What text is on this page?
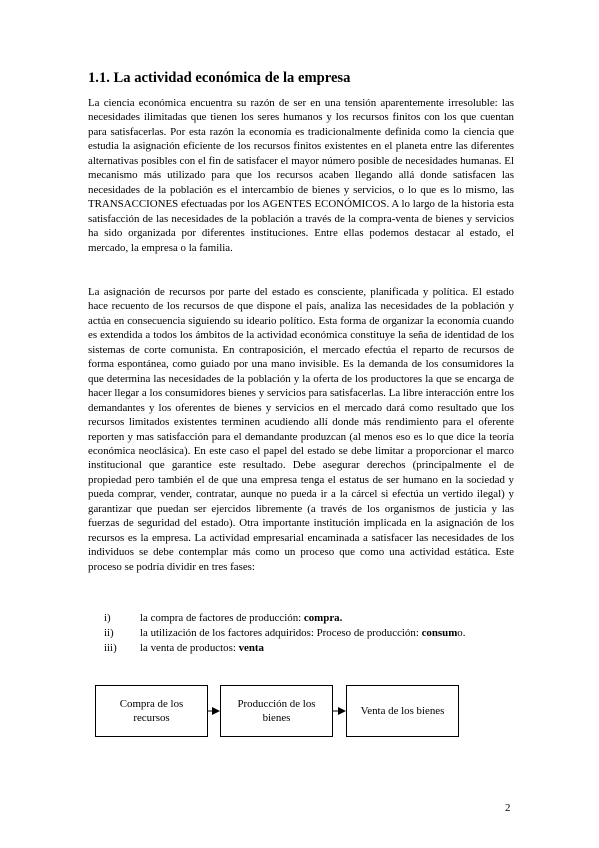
1.1. La actividad económica de la empresa

La ciencia económica encuentra su razón de ser en una tensión aparentemente irresoluble: las necesidades ilimitadas que tienen los seres humanos y los recursos finitos con los que cuentan para satisfacerlas. Por esta razón la economía es tradicionalmente definida como la ciencia que estudia la asignación eficiente de los recursos finitos existentes en el planeta entre las diferentes alternativas posibles con el fin de satisfacer el mayor número posible de necesidades humanas. El mecanismo más utilizado para que los recursos acaben llegando allá donde satisfacen las necesidades de la población es el intercambio de bienes y servicios, o lo que es lo mismo, las TRANSACCIONES efectuadas por los AGENTES ECONÓMICOS. A lo largo de la historia esta satisfacción de las necesidades de la población a través de la compra-venta de bienes y servicios ha sido organizada por diferentes instituciones. Entre ellas podemos destacar al estado, el mercado, la empresa o la familia.

La asignación de recursos por parte del estado es consciente, planificada y política. El estado hace recuento de los recursos de que dispone el país, analiza las necesidades de la población y actúa en consecuencia siguiendo su ideario político. Esta forma de organizar la economía cuando es extendida a todos los ámbitos de la actividad económica constituye la seña de identidad de los sistemas de corte comunista. En contraposición, el mercado efectúa el reparto de recursos de forma espontánea, como guiado por una mano invisible. Es la demanda de los consumidores la que determina las necesidades de la población y la oferta de los productores la que se encarga de hacer llegar a los consumidores bienes y servicios para satisfacerlas. La libre interacción entre los demandantes y los oferentes de bienes y servicios en el mercado dará como resultado que los recursos limitados existentes terminen acudiendo allí donde más rendimiento para el oferente reporten y mas satisfacción para el demandante produzcan (al menos eso es lo que dice la teoría económica neoclásica). En este caso el papel del estado se debe limitar a proporcionar el marco institucional que garantice este resultado. Debe asegurar derechos (principalmente el de propiedad pero también el de que una empresa tenga el estatus de ser humano en la sociedad y pueda comprar, vender, contratar, aunque no pueda ir a la cárcel si efectúa un vertido ilegal) y garantizar que puedan ser ejercidos libremente (a través de los organismos de justicia y las fuerzas de seguridad del estado). Otra importante institución implicada en la asignación de los recursos es la empresa. La actividad empresarial encaminada a satisfacer las necesidades de los individuos se debe contemplar más como un proceso que como una actividad estática. Este proceso se podría dividir en tres fases:

i)	la compra de factores de producción: compra.
ii) la utilización de los factores adquiridos: Proceso de producción: consumo.
iii) la venta de productos: venta
Compra de los recursos
Producción de los bienes
Venta de los bienes
2
